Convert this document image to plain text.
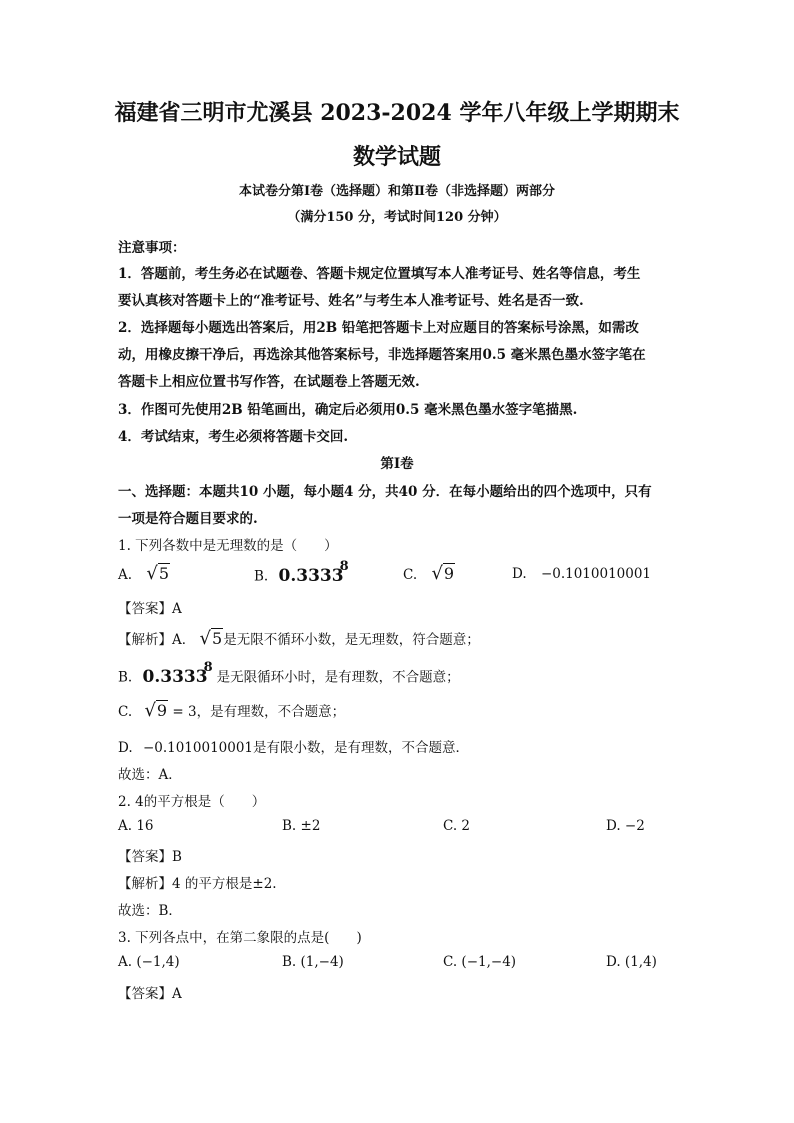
福建省三明市尤溪县 2023-2024 学年八年级上学期期末
数学试题
本试卷分第Ⅰ卷（选择题）和第Ⅱ卷（非选择题）两部分
（满分150 分，考试时间120 分钟）
注意事项：
1．答题前，考生务必在试题卷、答题卡规定位置填写本人准考证号、姓名等信息，考生
要认真核对答题卡上的“准考证号、姓名”与考生本人准考证号、姓名是否一致.
2．选择题每小题选出答案后，用2B 铅笔把答题卡上对应题目的答案标号涂黑，如需改
动，用橡皮擦干净后，再选涂其他答案标号，非选择题答案用0.5 毫米黑色墨水签字笔在
答题卡上相应位置书写作答，在试题卷上答题无效.
3．作图可先使用2B 铅笔画出，确定后必须用0.5 毫米黑色墨水签字笔描黑.
4．考试结束，考生必须将答题卡交回.
第Ⅰ卷
一、选择题：本题共10 小题，每小题4 分，共40 分．在每小题给出的四个选项中，只有
一项是符合题目要求的.
1. 下列各数中是无理数的是（　　）
A. √5	B. 0.3333$^8$
C. √9	D. −0.1010010001
【答案】A
【解析】A． √5是无限不循环小数，是无理数，符合题意；
B. 0.3333$^8$是无限循环小时，是有理数，不合题意；
C. √9 = 3，是有理数，不合题意；
D. −0.1010010001是有限小数，是有理数，不合题意．
故选：A．
2. 4的平方根是（　　）
A. 16	B. ±2	C. 2	D. −2
【答案】B
【解析】4 的平方根是±2.
故选：B．
3. 下列各点中，在第二象限的点是(　　)
A. (−1,4)	B. (1,−4)	C. (−1,−4)	D. (1,4)
【答案】A
